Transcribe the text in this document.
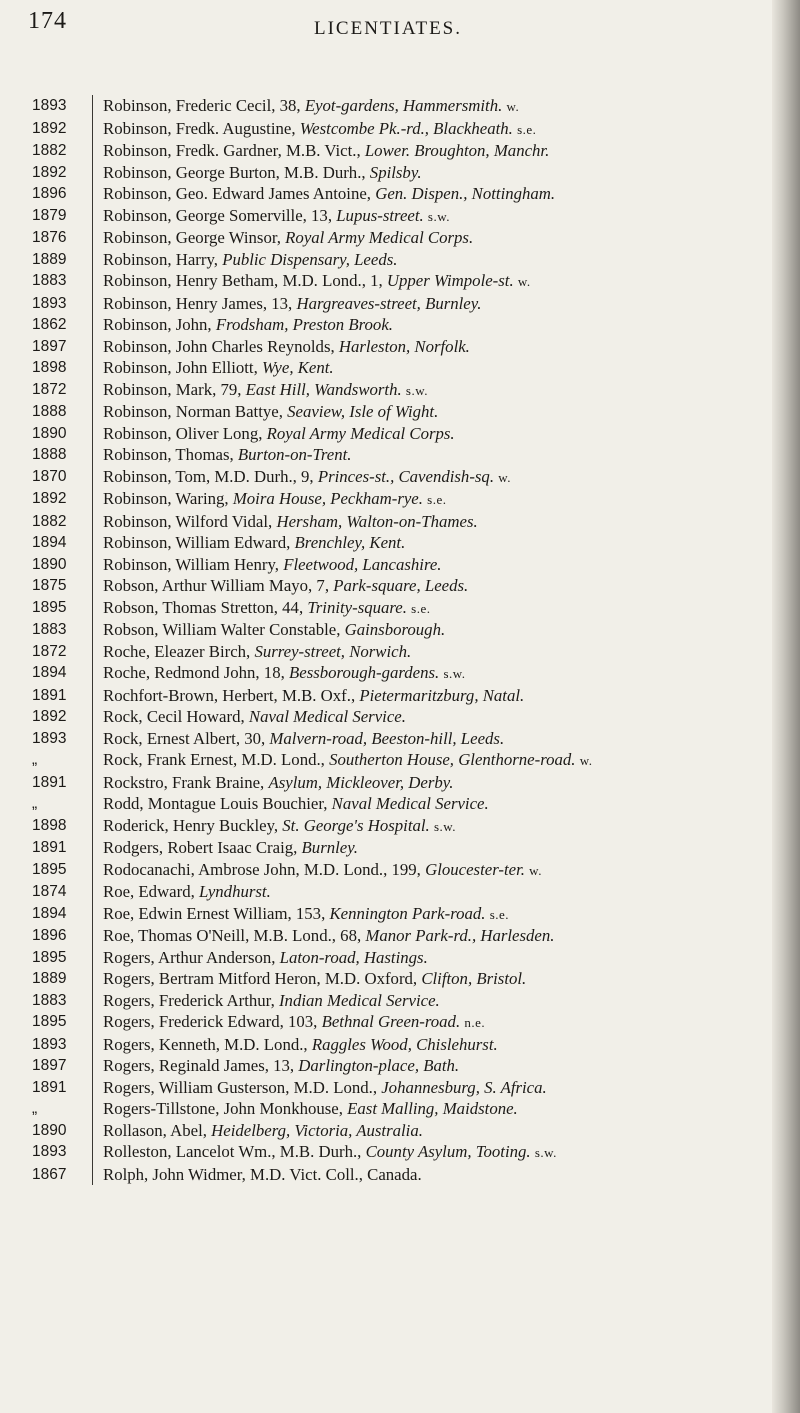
174	LICENTIATES.
1893	Robinson, Frederic Cecil, 38, Eyot-gardens, Hammersmith. w.
1892	Robinson, Fredk. Augustine, Westcombe Pk.-rd., Blackheath. s.e.
1882	Robinson, Fredk. Gardner, M.B. Vict., Lower. Broughton, Manchr.
1892	Robinson, George Burton, M.B. Durh., Spilsby.
1896	Robinson, Geo. Edward James Antoine, Gen. Dispen., Nottingham.
1879	Robinson, George Somerville, 13, Lupus-street. s.w.
1876	Robinson, George Winsor, Royal Army Medical Corps.
1889	Robinson, Harry, Public Dispensary, Leeds.
1883	Robinson, Henry Betham, M.D. Lond., 1, Upper Wimpole-st. w.
1893	Robinson, Henry James, 13, Hargreaves-street, Burnley.
1862	Robinson, John, Frodsham, Preston Brook.
1897	Robinson, John Charles Reynolds, Harleston, Norfolk.
1898	Robinson, John Elliott, Wye, Kent.
1872	Robinson, Mark, 79, East Hill, Wandsworth. s.w.
1888	Robinson, Norman Battye, Seaview, Isle of Wight.
1890	Robinson, Oliver Long, Royal Army Medical Corps.
1888	Robinson, Thomas, Burton-on-Trent.
1870	Robinson, Tom, M.D. Durh., 9, Princes-st., Cavendish-sq. w.
1892	Robinson, Waring, Moira House, Peckham-rye. s.e.
1882	Robinson, Wilford Vidal, Hersham, Walton-on-Thames.
1894	Robinson, William Edward, Brenchley, Kent.
1890	Robinson, William Henry, Fleetwood, Lancashire.
1875	Robson, Arthur William Mayo, 7, Park-square, Leeds.
1895	Robson, Thomas Stretton, 44, Trinity-square. s.e.
1883	Robson, William Walter Constable, Gainsborough.
1872	Roche, Eleazer Birch, Surrey-street, Norwich.
1894	Roche, Redmond John, 18, Bessborough-gardens. s.w.
1891	Rochfort-Brown, Herbert, M.B. Oxf., Pietermaritzburg, Natal.
1892	Rock, Cecil Howard, Naval Medical Service.
1893	Rock, Ernest Albert, 30, Malvern-road, Beeston-hill, Leeds.
„	Rock, Frank Ernest, M.D. Lond., Southerton House, Glenthorne-road. w.
1891	Rockstro, Frank Braine, Asylum, Mickleover, Derby.
„	Rodd, Montague Louis Bouchier, Naval Medical Service.
1898	Roderick, Henry Buckley, St. George's Hospital. s.w.
1891	Rodgers, Robert Isaac Craig, Burnley.
1895	Rodocanachi, Ambrose John, M.D. Lond., 199, Gloucester-ter. w.
1874	Roe, Edward, Lyndhurst.
1894	Roe, Edwin Ernest William, 153, Kennington Park-road. s.e.
1896	Roe, Thomas O'Neill, M.B. Lond., 68, Manor Park-rd., Harlesden.
1895	Rogers, Arthur Anderson, Laton-road, Hastings.
1889	Rogers, Bertram Mitford Heron, M.D. Oxford, Clifton, Bristol.
1883	Rogers, Frederick Arthur, Indian Medical Service.
1895	Rogers, Frederick Edward, 103, Bethnal Green-road. n.e.
1893	Rogers, Kenneth, M.D. Lond., Raggles Wood, Chislehurst.
1897	Rogers, Reginald James, 13, Darlington-place, Bath.
1891	Rogers, William Gusterson, M.D. Lond., Johannesburg, S. Africa.
„	Rogers-Tillstone, John Monkhouse, East Malling, Maidstone.
1890	Rollason, Abel, Heidelberg, Victoria, Australia.
1893	Rolleston, Lancelot Wm., M.B. Durh., County Asylum, Tooting. s.w.
1867	Rolph, John Widmer, M.D. Vict. Coll., Canada.
